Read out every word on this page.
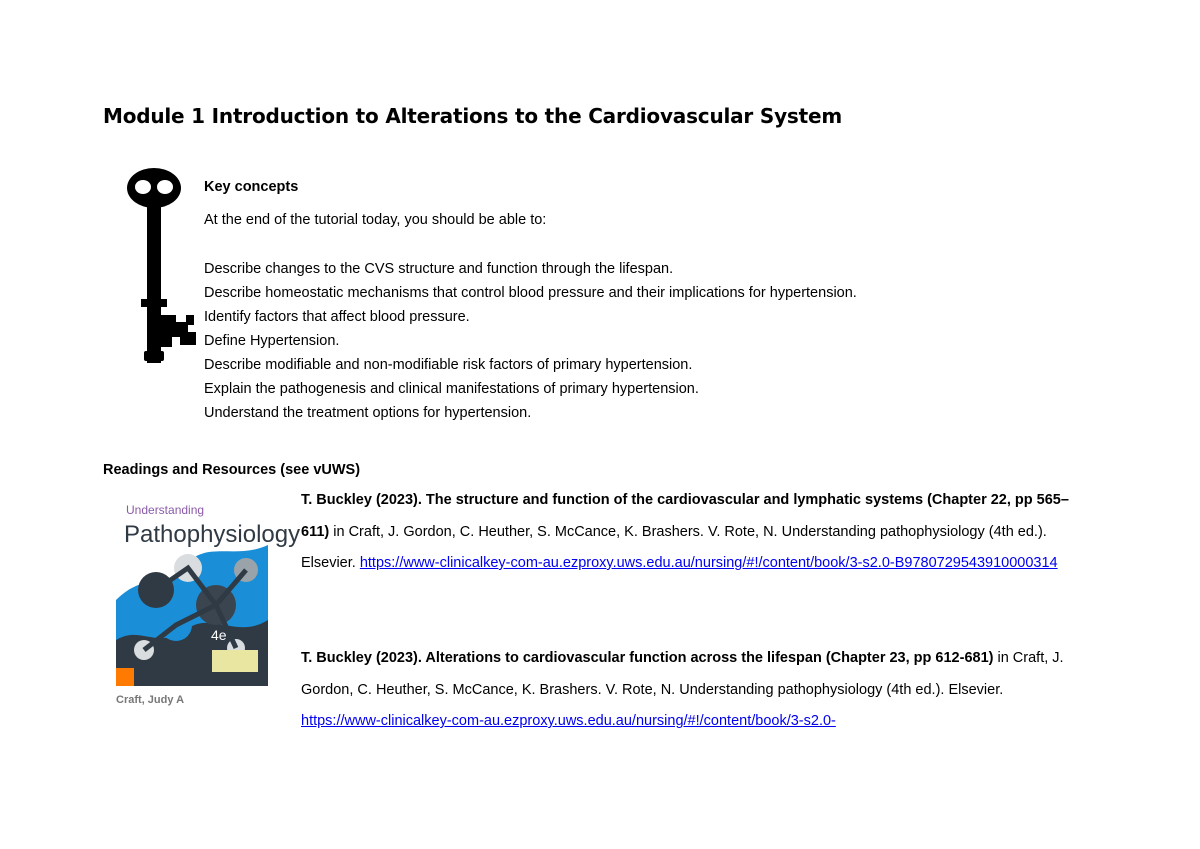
Module 1 Introduction to Alterations to the Cardiovascular System
Key concepts
At the end of the tutorial today, you should be able to:
Describe changes to the CVS structure and function through the lifespan.
Describe homeostatic mechanisms that control blood pressure and their implications for hypertension.
Identify factors that affect blood pressure.
Define Hypertension.
Describe modifiable and non-modifiable risk factors of primary hypertension.
Explain the pathogenesis and clinical manifestations of primary hypertension.
Understand the treatment options for hypertension.
Readings and Resources (see vUWS)
Understanding
Pathophysiology
4e
Craft, Judy A
T. Buckley (2023). The structure and function of the cardiovascular and lymphatic systems (Chapter 22, pp 565–611) in Craft, J. Gordon, C. Heuther, S. McCance, K. Brashers. V. Rote, N. Understanding pathophysiology (4th ed.). Elsevier. https://www-clinicalkey-com-au.ezproxy.uws.edu.au/nursing/#!/content/book/3-s2.0-B9780729543910000314
T. Buckley (2023). Alterations to cardiovascular function across the lifespan (Chapter 23, pp 612-681) in Craft, J. Gordon, C. Heuther, S. McCance, K. Brashers. V. Rote, N. Understanding pathophysiology (4th ed.). Elsevier. https://www-clinicalkey-com-au.ezproxy.uws.edu.au/nursing/#!/content/book/3-s2.0-
